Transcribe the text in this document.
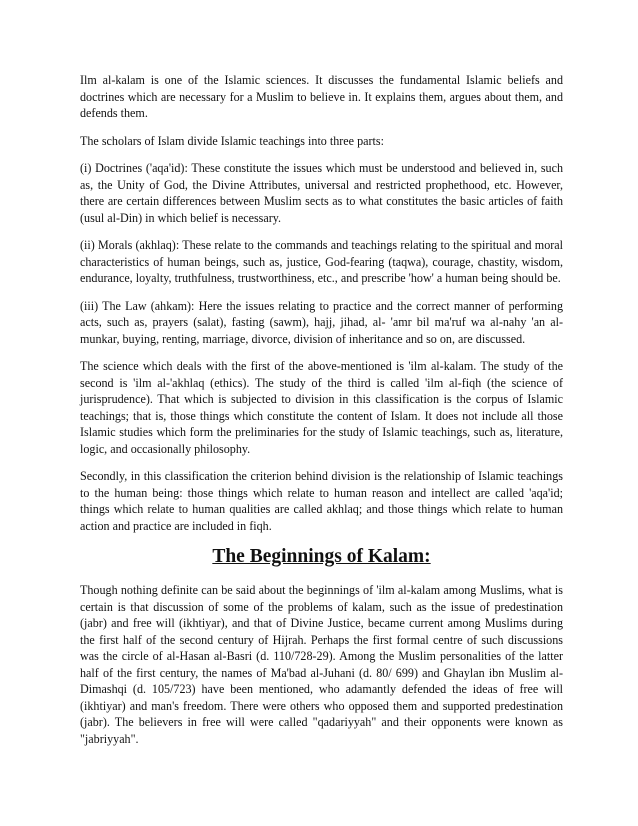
Ilm al-kalam is one of the Islamic sciences. It discusses the fundamental Islamic beliefs and doctrines which are necessary for a Muslim to believe in. It explains them, argues about them, and defends them.

The scholars of Islam divide Islamic teachings into three parts:

(i) Doctrines ('aqa'id): These constitute the issues which must be understood and believed in, such as, the Unity of God, the Divine Attributes, universal and restricted prophethood, etc. However, there are certain differences between Muslim sects as to what constitutes the basic articles of faith (usul al-Din) in which belief is necessary.

(ii) Morals (akhlaq): These relate to the commands and teachings relating to the spiritual and moral characteristics of human beings, such as, justice, God-fearing (taqwa), courage, chastity, wisdom, endurance, loyalty, truthfulness, trustworthiness, etc., and prescribe 'how' a human being should be.

(iii) The Law (ahkam): Here the issues relating to practice and the correct manner of performing acts, such as, prayers (salat), fasting (sawm), hajj, jihad, al- 'amr bil ma'ruf wa al-nahy 'an al-munkar, buying, renting, marriage, divorce, division of inheritance and so on, are discussed.

The science which deals with the first of the above-mentioned is 'ilm al-kalam. The study of the second is 'ilm al-'akhlaq (ethics). The study of the third is called 'ilm al-fiqh (the science of jurisprudence). That which is subjected to division in this classification is the corpus of Islamic teachings; that is, those things which constitute the content of Islam. It does not include all those Islamic studies which form the preliminaries for the study of Islamic teachings, such as, literature, logic, and occasionally philosophy.

Secondly, in this classification the criterion behind division is the relationship of Islamic teachings to the human being: those things which relate to human reason and intellect are called 'aqa'id; things which relate to human qualities are called akhlaq; and those things which relate to human action and practice are included in fiqh.

The Beginnings of Kalam:

Though nothing definite can be said about the beginnings of 'ilm al-kalam among Muslims, what is certain is that discussion of some of the problems of kalam, such as the issue of predestination (jabr) and free will (ikhtiyar), and that of Divine Justice, became current among Muslims during the first half of the second century of Hijrah. Perhaps the first formal centre of such discussions was the circle of al-Hasan al-Basri (d. 110/728-29). Among the Muslim personalities of the latter half of the first century, the names of Ma'bad al-Juhani (d. 80/ 699) and Ghaylan ibn Muslim al-Dimashqi (d. 105/723) have been mentioned, who adamantly defended the ideas of free will (ikhtiyar) and man's freedom. There were others who opposed them and supported predestination (jabr). The believers in free will were called "qadariyyah" and their opponents were known as "jabriyyah".
